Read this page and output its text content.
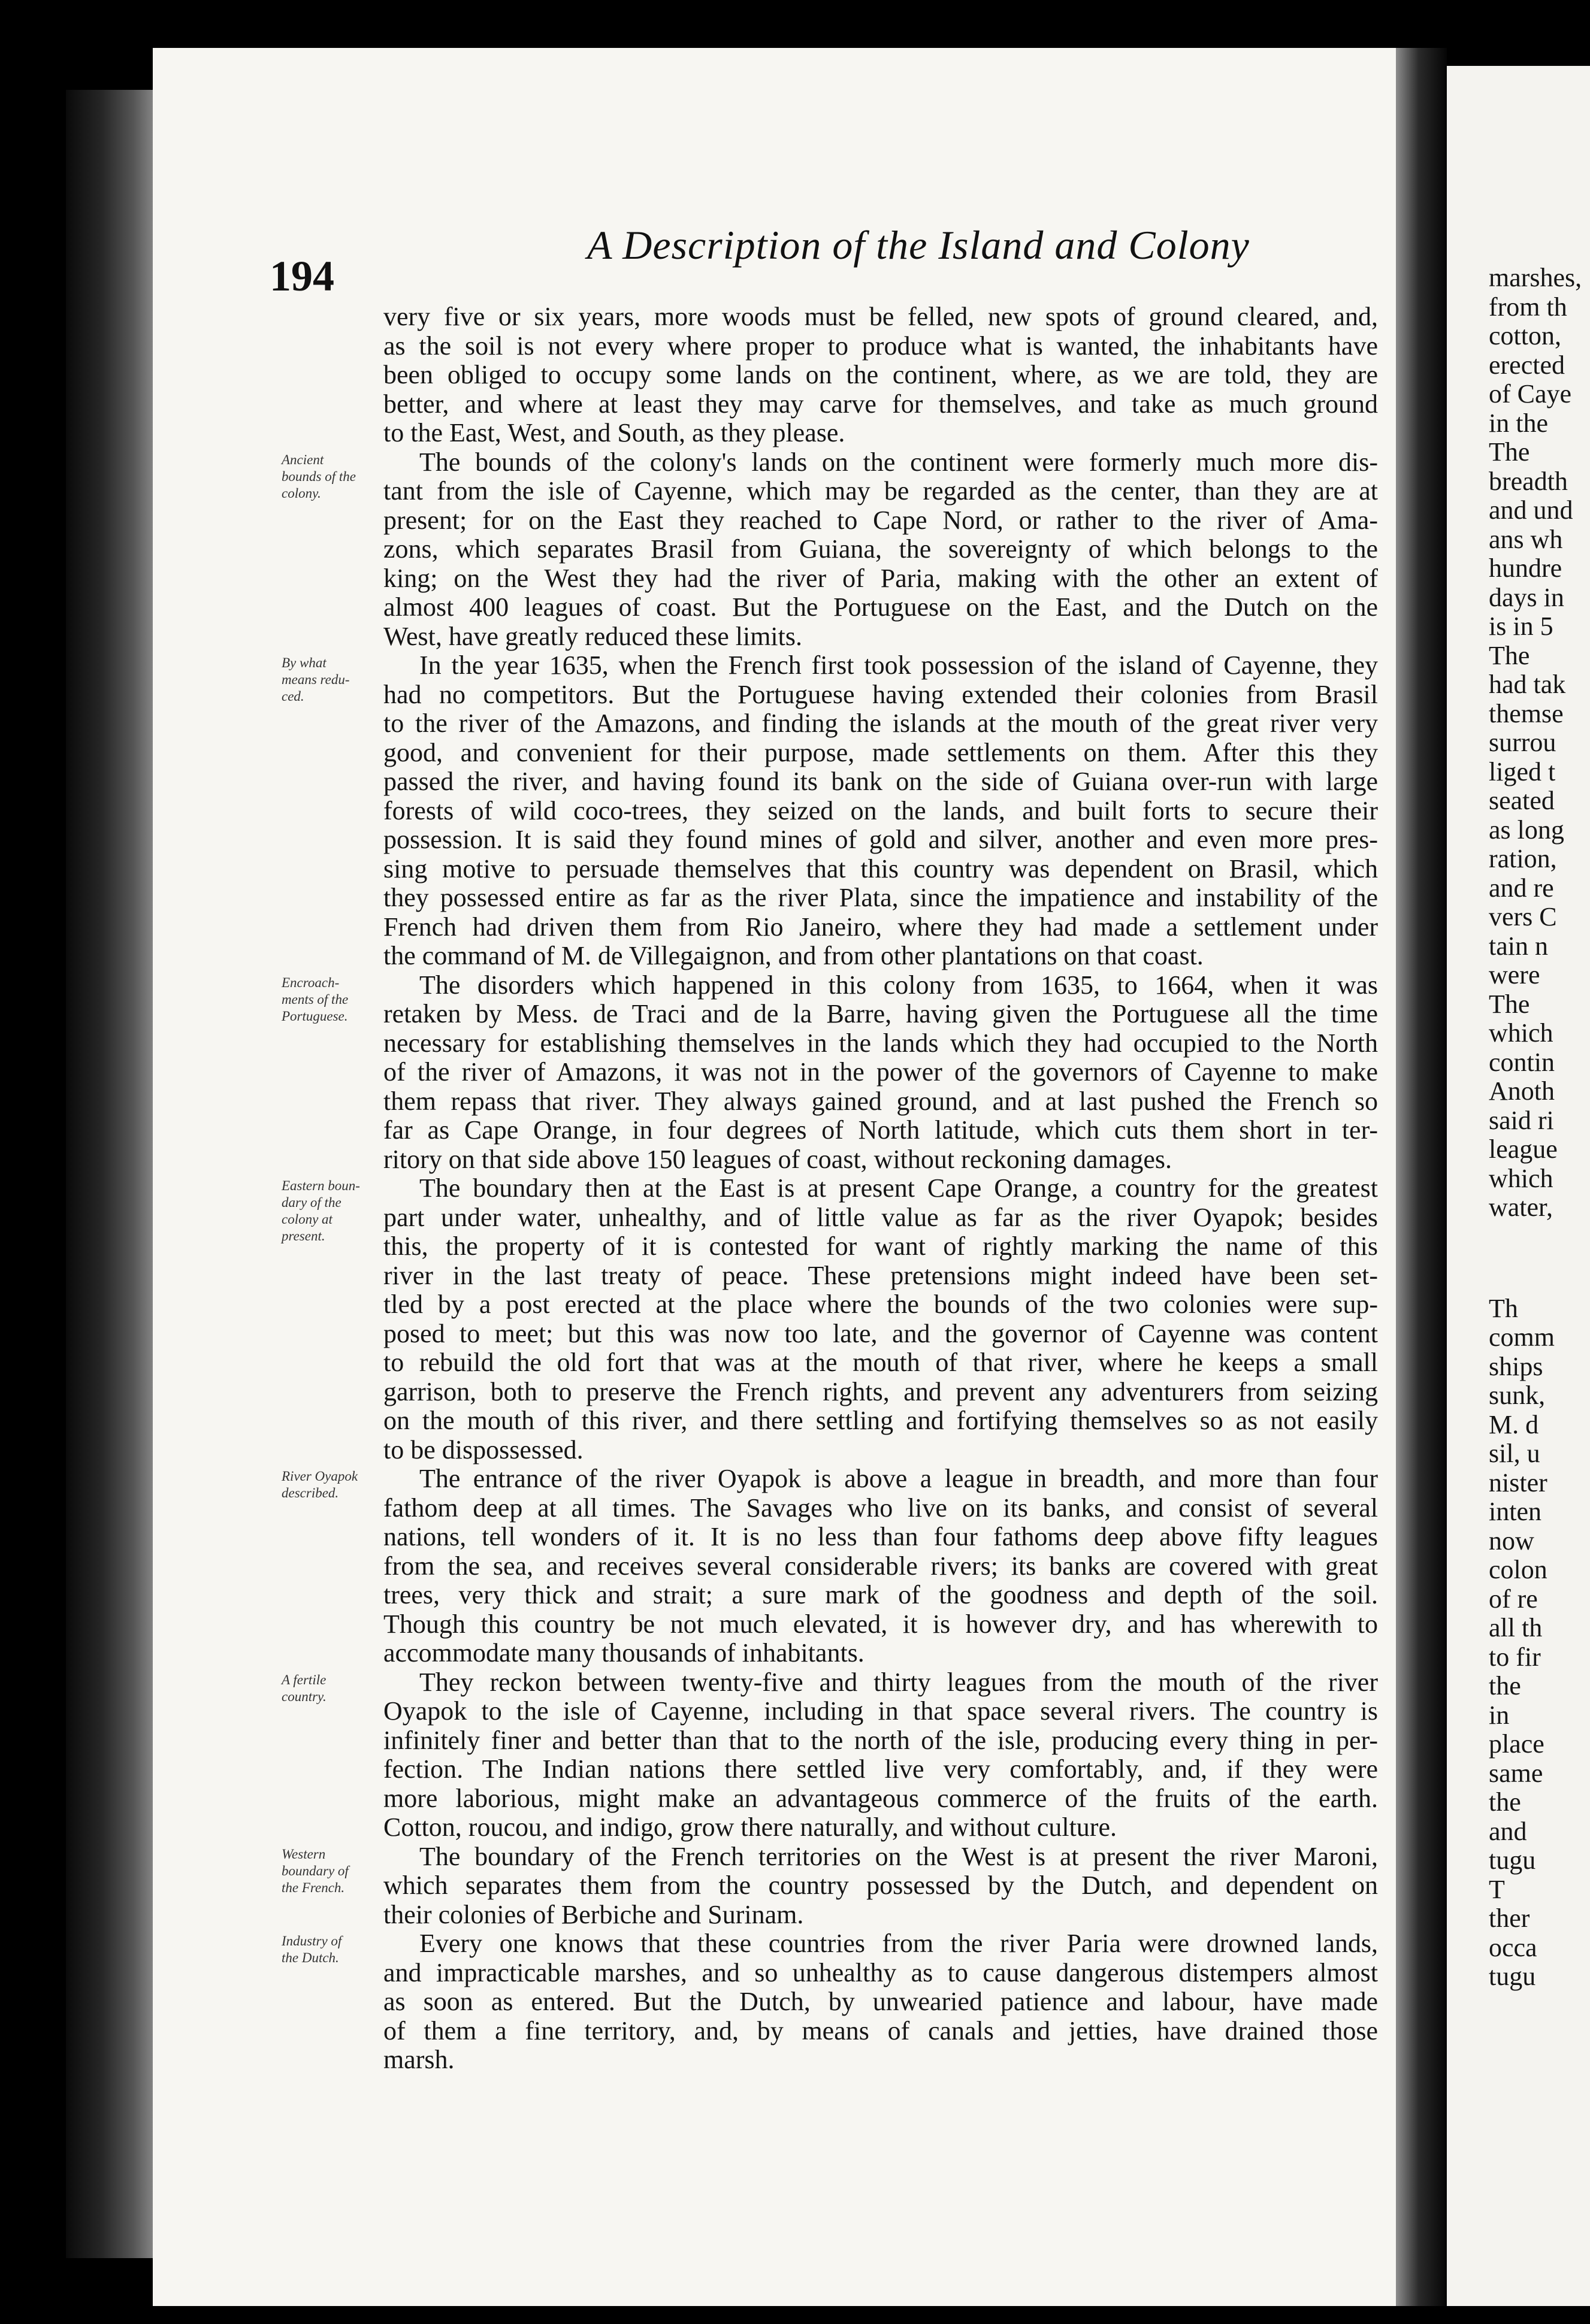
marshes,
from th
cotton,
erected
of Caye
in the
The
breadth
and und
ans wh
hundre
days in
is in 5
The
had tak
themse
surrou
liged t
seated
as long
ration,
and re
vers C
tain n
were
The
which
contin
Anoth
said ri
league
which
water,
Th
comm
ships
sunk,
M. d
sil, u
nister
inten
now
colon
of re
all th
to fir
the
in
place
same
the
and
tugu
T
ther
occa
tugu
194
A Description of the Island and Colony
very five or six years, more woods must be felled, new spots of ground cleared, and,
as the soil is not every where proper to produce what is wanted, the inhabitants have
been obliged to occupy some lands on the continent, where, as we are told, they are
better, and where at least they may carve for themselves, and take as much ground
to the East, West, and South, as they please.
The bounds of the colony's lands on the continent were formerly much more dis-
tant from the isle of Cayenne, which may be regarded as the center, than they are at
present; for on the East they reached to Cape Nord, or rather to the river of Ama-
zons, which separates Brasil from Guiana, the sovereignty of which belongs to the
king; on the West they had the river of Paria, making with the other an extent of
almost 400 leagues of coast. But the Portuguese on the East, and the Dutch on the
West, have greatly reduced these limits.
In the year 1635, when the French first took possession of the island of Cayenne, they
had no competitors. But the Portuguese having extended their colonies from Brasil
to the river of the Amazons, and finding the islands at the mouth of the great river very
good, and convenient for their purpose, made settlements on them. After this they
passed the river, and having found its bank on the side of Guiana over-run with large
forests of wild coco-trees, they seized on the lands, and built forts to secure their
possession. It is said they found mines of gold and silver, another and even more pres-
sing motive to persuade themselves that this country was dependent on Brasil, which
they possessed entire as far as the river Plata, since the impatience and instability of the
French had driven them from Rio Janeiro, where they had made a settlement under
the command of M. de Villegaignon, and from other plantations on that coast.
The disorders which happened in this colony from 1635, to 1664, when it was
retaken by Mess. de Traci and de la Barre, having given the Portuguese all the time
necessary for establishing themselves in the lands which they had occupied to the North
of the river of Amazons, it was not in the power of the governors of Cayenne to make
them repass that river. They always gained ground, and at last pushed the French so
far as Cape Orange, in four degrees of North latitude, which cuts them short in ter-
ritory on that side above 150 leagues of coast, without reckoning damages.
The boundary then at the East is at present Cape Orange, a country for the greatest
part under water, unhealthy, and of little value as far as the river Oyapok; besides
this, the property of it is contested for want of rightly marking the name of this
river in the last treaty of peace. These pretensions might indeed have been set-
tled by a post erected at the place where the bounds of the two colonies were sup-
posed to meet; but this was now too late, and the governor of Cayenne was content
to rebuild the old fort that was at the mouth of that river, where he keeps a small
garrison, both to preserve the French rights, and prevent any adventurers from seizing
on the mouth of this river, and there settling and fortifying themselves so as not easily
to be dispossessed.
The entrance of the river Oyapok is above a league in breadth, and more than four
fathom deep at all times. The Savages who live on its banks, and consist of several
nations, tell wonders of it. It is no less than four fathoms deep above fifty leagues
from the sea, and receives several considerable rivers; its banks are covered with great
trees, very thick and strait; a sure mark of the goodness and depth of the soil.
Though this country be not much elevated, it is however dry, and has wherewith to
accommodate many thousands of inhabitants.
They reckon between twenty-five and thirty leagues from the mouth of the river
Oyapok to the isle of Cayenne, including in that space several rivers. The country is
infinitely finer and better than that to the north of the isle, producing every thing in per-
fection. The Indian nations there settled live very comfortably, and, if they were
more laborious, might make an advantageous commerce of the fruits of the earth.
Cotton, roucou, and indigo, grow there naturally, and without culture.
The boundary of the French territories on the West is at present the river Maroni,
which separates them from the country possessed by the Dutch, and dependent on
their colonies of Berbiche and Surinam.
Every one knows that these countries from the river Paria were drowned lands,
and impracticable marshes, and so unhealthy as to cause dangerous distempers almost
as soon as entered. But the Dutch, by unwearied patience and labour, have made
of them a fine territory, and, by means of canals and jetties, have drained those
marsh.
Ancient
bounds of the
colony.
By what
means redu-
ced.
Encroach-
ments of the
Portuguese.
Eastern boun-
dary of the
colony at
present.
River Oyapok
described.
A fertile
country.
Western
boundary of
the French.
Industry of
the Dutch.
